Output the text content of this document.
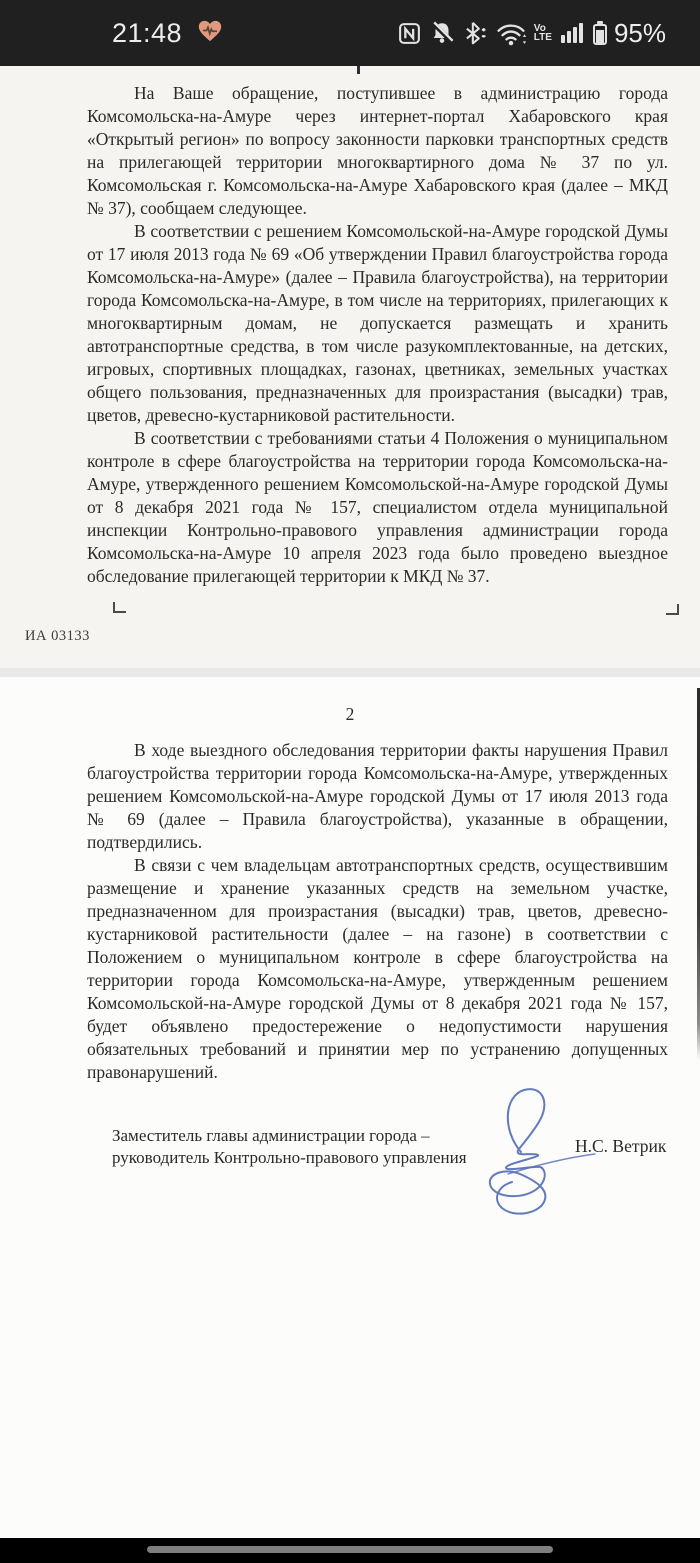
21:48	Vo
LTE 95%

На Ваше обращение, поступившее в администрацию города Комсомольска-на-Амуре через интернет-портал Хабаровского края «Открытый регион» по вопросу законности парковки транспортных средств на прилегающей территории многоквартирного дома № 37 по ул. Комсомольская г. Комсомольска-на-Амуре Хабаровского края (далее – МКД № 37), сообщаем следующее.

В соответствии с решением Комсомольской-на-Амуре городской Думы от 17 июля 2013 года № 69 «Об утверждении Правил благоустройства города Комсомольска-на-Амуре» (далее – Правила благоустройства), на территории города Комсомольска-на-Амуре, в том числе на территориях, прилегающих к многоквартирным домам, не допускается размещать и хранить автотранспортные средства, в том числе разукомплектованные, на детских, игровых, спортивных площадках, газонах, цветниках, земельных участках общего пользования, предназначенных для произрастания (высадки) трав, цветов, древесно-кустарниковой растительности.

В соответствии с требованиями статьи 4 Положения о муниципальном контроле в сфере благоустройства на территории города Комсомольска-на-Амуре, утвержденного решением Комсомольской-на-Амуре городской Думы от 8 декабря 2021 года № 157, специалистом отдела муниципальной инспекции Контрольно-правового управления администрации города Комсомольска-на-Амуре 10 апреля 2023 года было проведено выездное обследование прилегающей территории к МКД № 37.

ИА 03133
2

В ходе выездного обследования территории факты нарушения Правил благоустройства территории города Комсомольска-на-Амуре, утвержденных решением Комсомольской-на-Амуре городской Думы от 17 июля 2013 года № 69 (далее – Правила благоустройства), указанные в обращении, подтвердились.

В связи с чем владельцам автотранспортных средств, осуществившим размещение и хранение указанных средств на земельном участке, предназначенном для произрастания (высадки) трав, цветов, древесно-кустарниковой растительности (далее – на газоне) в соответствии с Положением о муниципальном контроле в сфере благоустройства на территории города Комсомольска-на-Амуре, утвержденным решением Комсомольской-на-Амуре городской Думы от 8 декабря 2021 года № 157, будет объявлено предостережение о недопустимости нарушения обязательных требований и принятии мер по устранению допущенных правонарушений.

Заместитель главы администрации города –
руководитель Контрольно-правового управления
Н.С. Ветрик
